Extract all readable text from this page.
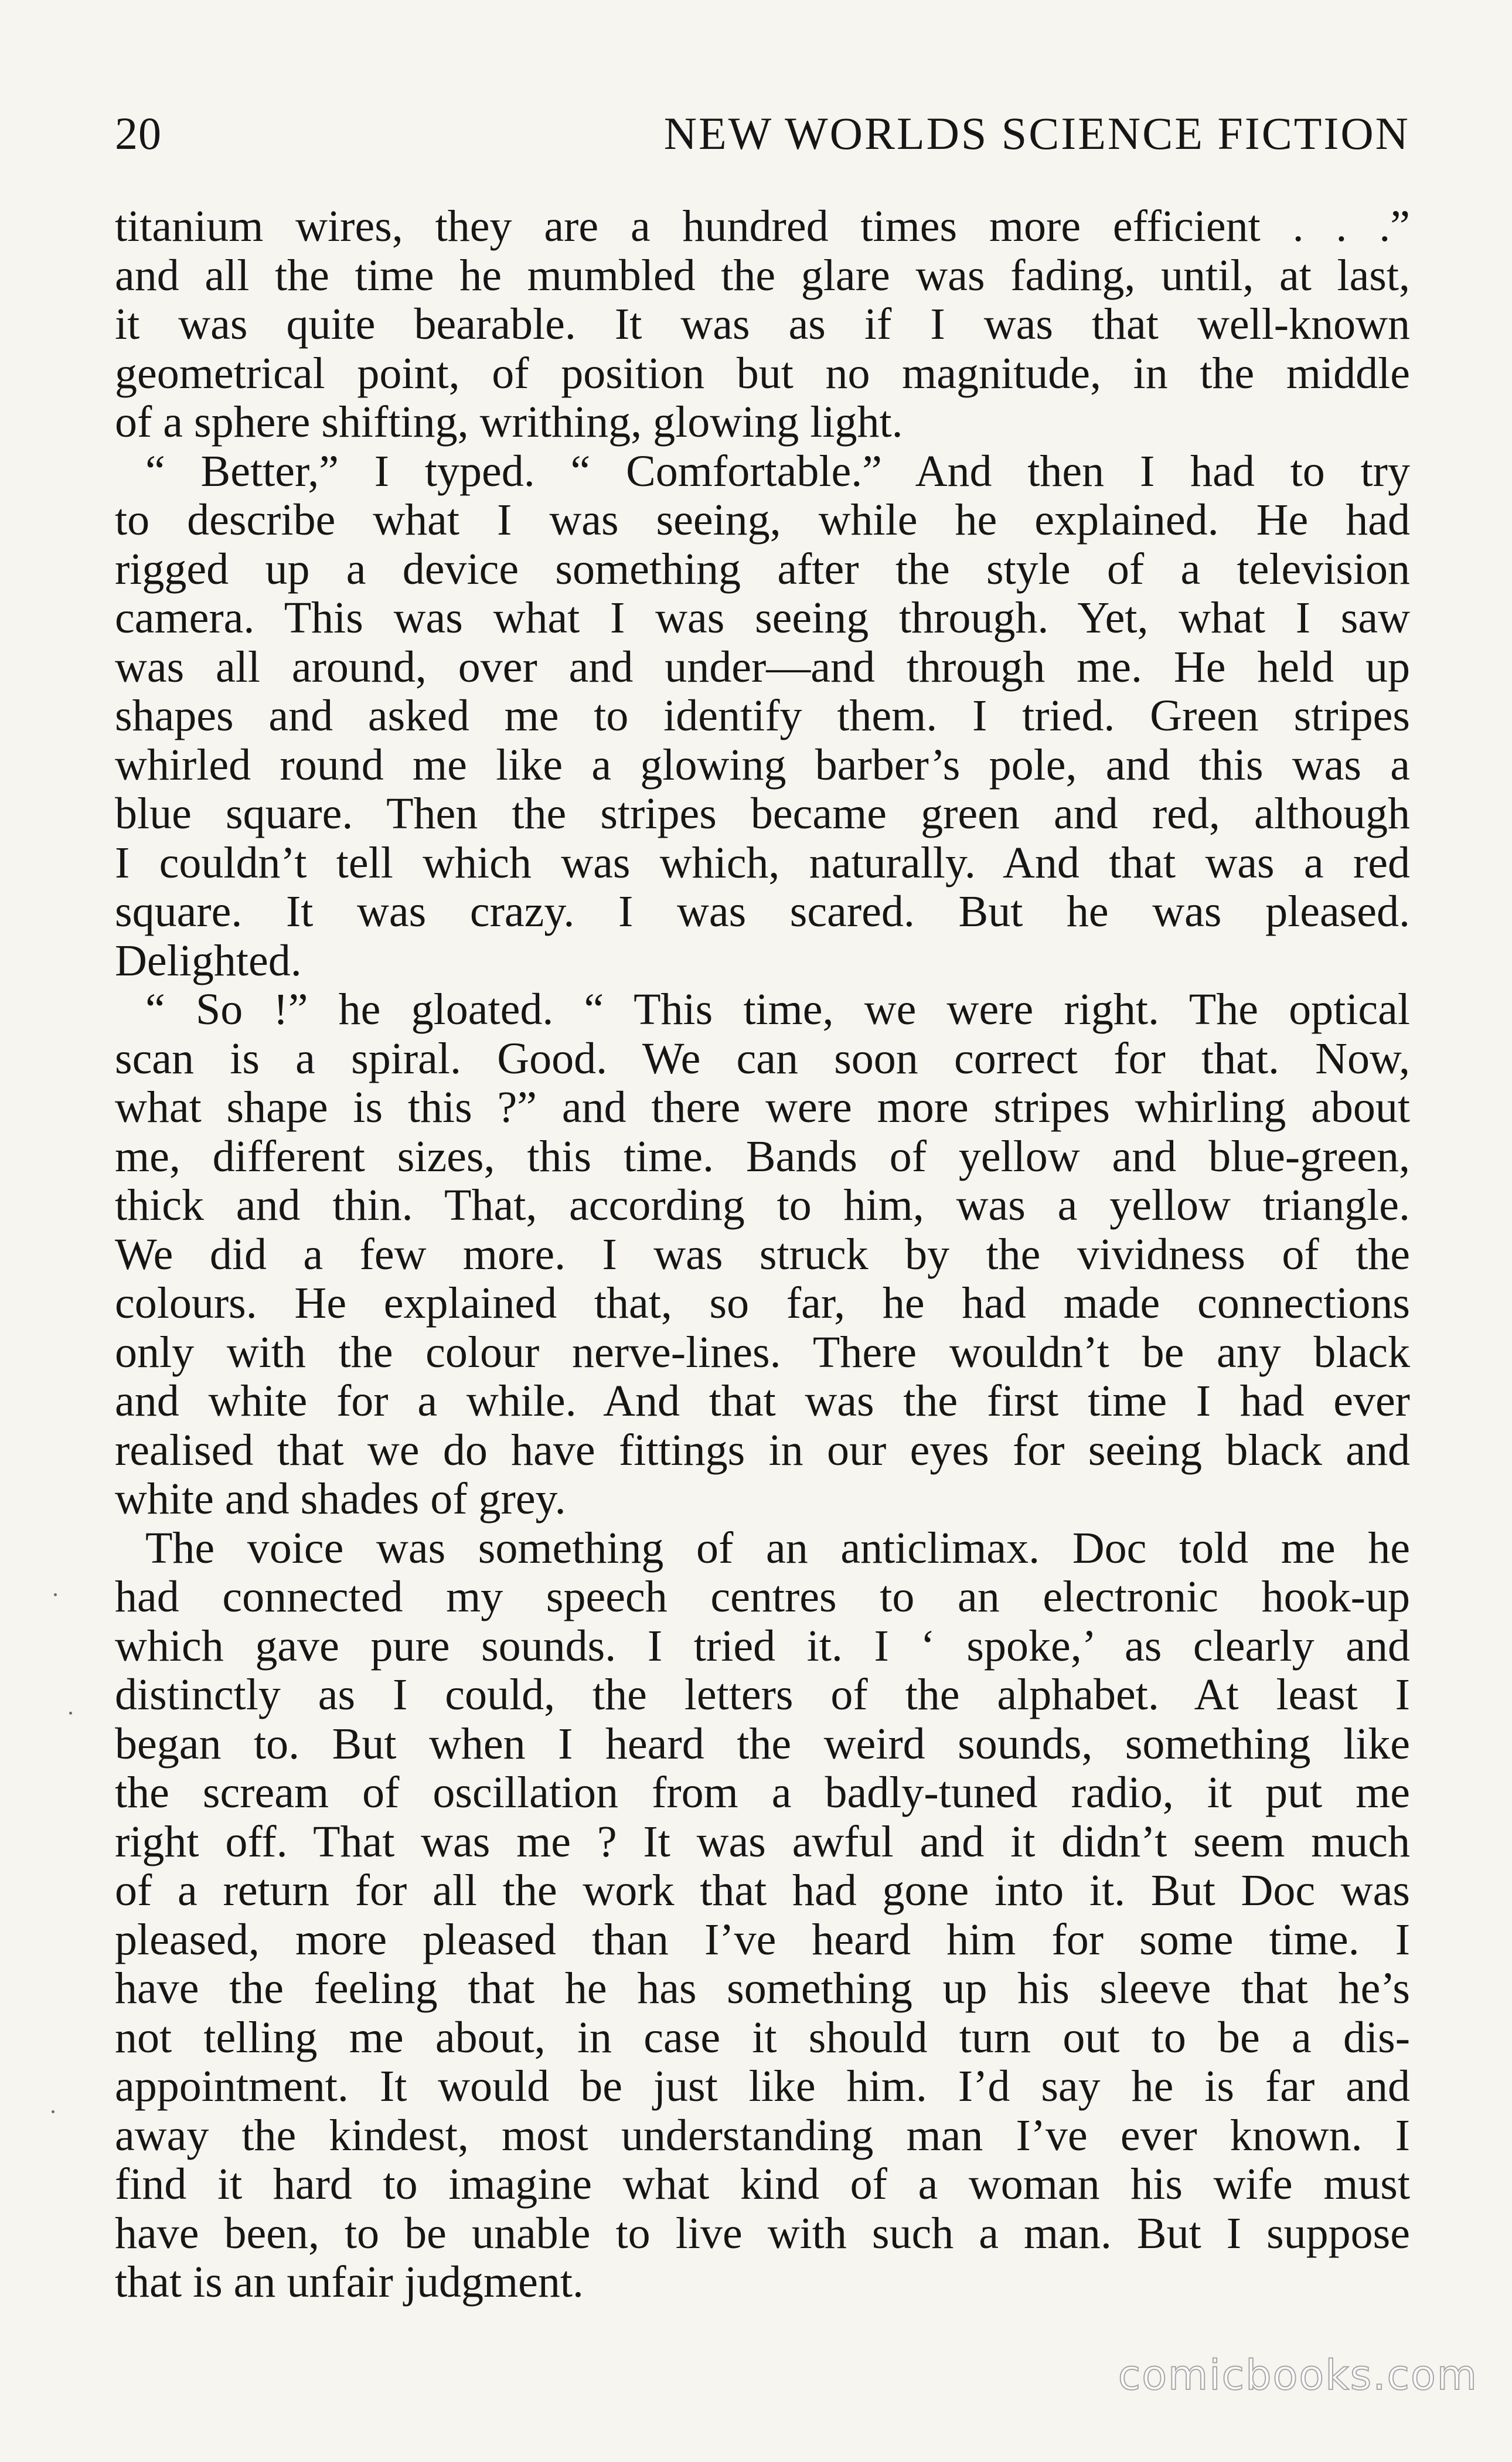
20	NEW WORLDS SCIENCE FICTION
titanium wires, they are a hundred times more efficient . . .”
and all the time he mumbled the glare was fading, until, at last,
it was quite bearable. It was as if I was that well-known
geometrical point, of position but no magnitude, in the middle
of a sphere shifting, writhing, glowing light.
“ Better,” I typed. “ Comfortable.” And then I had to try
to describe what I was seeing, while he explained. He had
rigged up a device something after the style of a television
camera. This was what I was seeing through. Yet, what I saw
was all around, over and under—and through me. He held up
shapes and asked me to identify them. I tried. Green stripes
whirled round me like a glowing barber’s pole, and this was a
blue square. Then the stripes became green and red, although
I couldn’t tell which was which, naturally. And that was a red
square. It was crazy. I was scared. But he was pleased.
Delighted.
“ So !” he gloated. “ This time, we were right. The optical
scan is a spiral. Good. We can soon correct for that. Now,
what shape is this ?” and there were more stripes whirling about
me, different sizes, this time. Bands of yellow and blue-green,
thick and thin. That, according to him, was a yellow triangle.
We did a few more. I was struck by the vividness of the
colours. He explained that, so far, he had made connections
only with the colour nerve-lines. There wouldn’t be any black
and white for a while. And that was the first time I had ever
realised that we do have fittings in our eyes for seeing black and
white and shades of grey.
The voice was something of an anticlimax. Doc told me he
had connected my speech centres to an electronic hook-up
which gave pure sounds. I tried it. I ‘ spoke,’ as clearly and
distinctly as I could, the letters of the alphabet. At least I
began to. But when I heard the weird sounds, something like
the scream of oscillation from a badly-tuned radio, it put me
right off. That was me ? It was awful and it didn’t seem much
of a return for all the work that had gone into it. But Doc was
pleased, more pleased than I’ve heard him for some time. I
have the feeling that he has something up his sleeve that he’s
not telling me about, in case it should turn out to be a dis-
appointment. It would be just like him. I’d say he is far and
away the kindest, most understanding man I’ve ever known. I
find it hard to imagine what kind of a woman his wife must
have been, to be unable to live with such a man. But I suppose
that is an unfair judgment.
comicbooks.com
